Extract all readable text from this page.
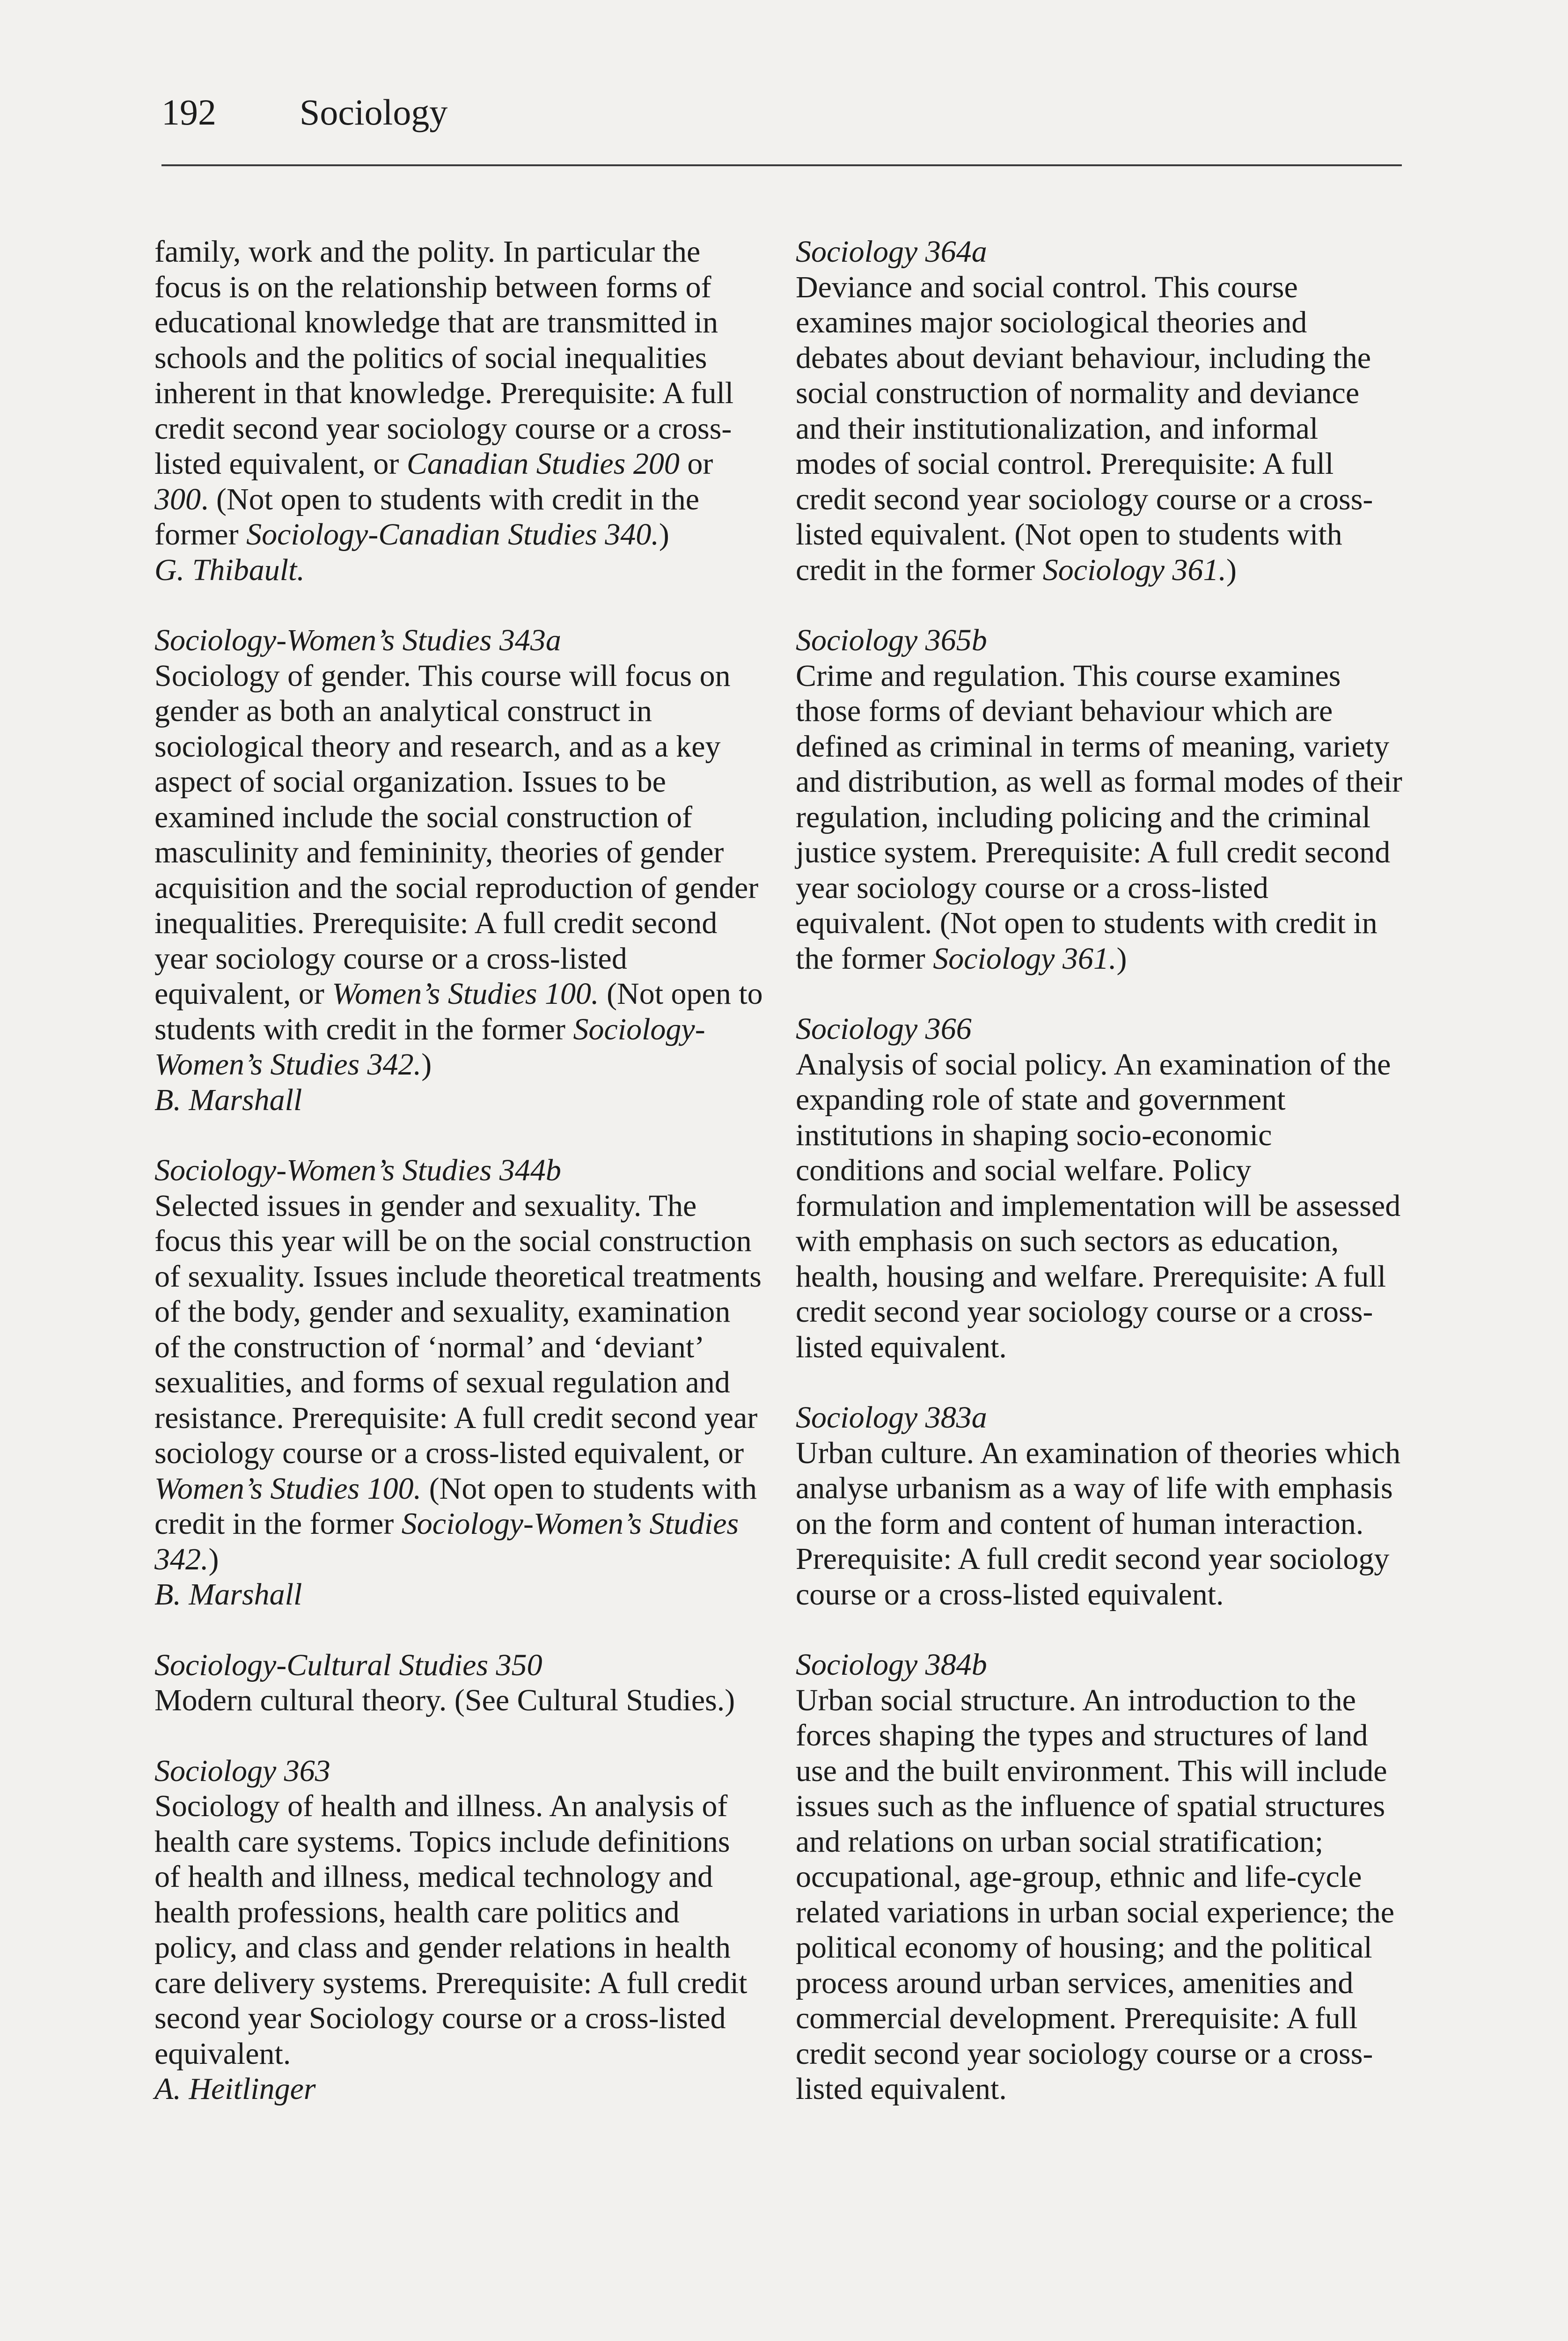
192 Sociology

family, work and the polity. In particular the focus is on the relationship between forms of educational knowledge that are transmitted in schools and the politics of social inequalities inherent in that knowledge. Prerequisite: A full credit second year sociology course or a cross-listed equivalent, or Canadian Studies 200 or 300. (Not open to students with credit in the former Sociology-Canadian Studies 340.)

G. Thibault.
Sociology-Women’s Studies 343a

Sociology of gender. This course will focus on gender as both an analytical construct in sociological theory and research, and as a key aspect of social organization. Issues to be examined include the social construction of masculinity and femininity, theories of gender acquisition and the social reproduction of gender inequalities. Prerequisite: A full credit second year sociology course or a cross-listed equivalent, or Women’s Studies 100. (Not open to students with credit in the former Sociology-Women’s Studies 342.)

B. Marshall
Sociology-Women’s Studies 344b

Selected issues in gender and sexuality. The focus this year will be on the social construction of sexuality. Issues include theoretical treatments of the body, gender and sexuality, examination of the construction of ‘normal’ and ‘deviant’ sexualities, and forms of sexual regulation and resistance. Prerequisite: A full credit second year sociology course or a cross-listed equivalent, or Women’s Studies 100. (Not open to students with credit in the former Sociology-Women’s Studies 342.)

B. Marshall
Sociology-Cultural Studies 350

Modern cultural theory. (See Cultural Studies.)

Sociology 363

Sociology of health and illness. An analysis of health care systems. Topics include definitions of health and illness, medical technology and health professions, health care politics and policy, and class and gender relations in health care delivery systems. Prerequisite: A full credit second year Sociology course or a cross-listed equivalent.

A. Heitlinger
Sociology 364a

Deviance and social control. This course examines major sociological theories and debates about deviant behaviour, including the social construction of normality and deviance and their institutionalization, and informal modes of social control. Prerequisite: A full credit second year sociology course or a cross-listed equivalent. (Not open to students with credit in the former Sociology 361.)

Sociology 365b

Crime and regulation. This course examines those forms of deviant behaviour which are defined as criminal in terms of meaning, variety and distribution, as well as formal modes of their regulation, including policing and the criminal justice system. Prerequisite: A full credit second year sociology course or a cross-listed equivalent. (Not open to students with credit in the former Sociology 361.)

Sociology 366

Analysis of social policy. An examination of the expanding role of state and government institutions in shaping socio-economic conditions and social welfare. Policy formulation and implementation will be assessed with emphasis on such sectors as education, health, housing and welfare. Prerequisite: A full credit second year sociology course or a cross-listed equivalent.

Sociology 383a

Urban culture. An examination of theories which analyse urbanism as a way of life with emphasis on the form and content of human interaction. Prerequisite: A full credit second year sociology course or a cross-listed equivalent.

Sociology 384b

Urban social structure. An introduction to the forces shaping the types and structures of land use and the built environment. This will include issues such as the influence of spatial structures and relations on urban social stratification; occupational, age-group, ethnic and life-cycle related variations in urban social experience; the political economy of housing; and the political process around urban services, amenities and commercial development. Prerequisite: A full credit second year sociology course or a cross-listed equivalent.
